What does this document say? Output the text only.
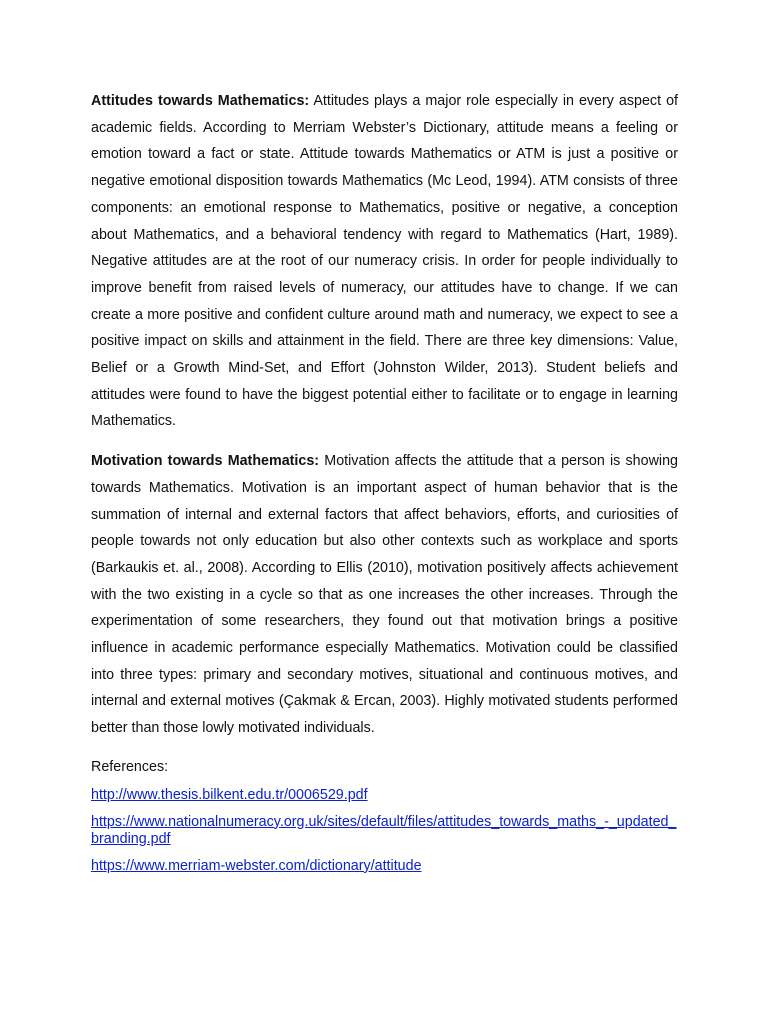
Attitudes towards Mathematics: Attitudes plays a major role especially in every aspect of academic fields. According to Merriam Webster’s Dictionary, attitude means a feeling or emotion toward a fact or state. Attitude towards Mathematics or ATM is just a positive or negative emotional disposition towards Mathematics (Mc Leod, 1994). ATM consists of three components: an emotional response to Mathematics, positive or negative, a conception about Mathematics, and a behavioral tendency with regard to Mathematics (Hart, 1989). Negative attitudes are at the root of our numeracy crisis. In order for people individually to improve benefit from raised levels of numeracy, our attitudes have to change. If we can create a more positive and confident culture around math and numeracy, we expect to see a positive impact on skills and attainment in the field. There are three key dimensions: Value, Belief or a Growth Mind-Set, and Effort (Johnston Wilder, 2013). Student beliefs and attitudes were found to have the biggest potential either to facilitate or to engage in learning Mathematics.

Motivation towards Mathematics: Motivation affects the attitude that a person is showing towards Mathematics. Motivation is an important aspect of human behavior that is the summation of internal and external factors that affect behaviors, efforts, and curiosities of people towards not only education but also other contexts such as workplace and sports (Barkaukis et. al., 2008). According to Ellis (2010), motivation positively affects achievement with the two existing in a cycle so that as one increases the other increases. Through the experimentation of some researchers, they found out that motivation brings a positive influence in academic performance especially Mathematics. Motivation could be classified into three types: primary and secondary motives, situational and continuous motives, and internal and external motives (Çakmak & Ercan, 2003). Highly motivated students performed better than those lowly motivated individuals.

References:

http://www.thesis.bilkent.edu.tr/0006529.pdf
https://www.nationalnumeracy.org.uk/sites/default/files/attitudes_towards_maths_-_updated_branding.pdf
https://www.merriam-webster.com/dictionary/attitude
